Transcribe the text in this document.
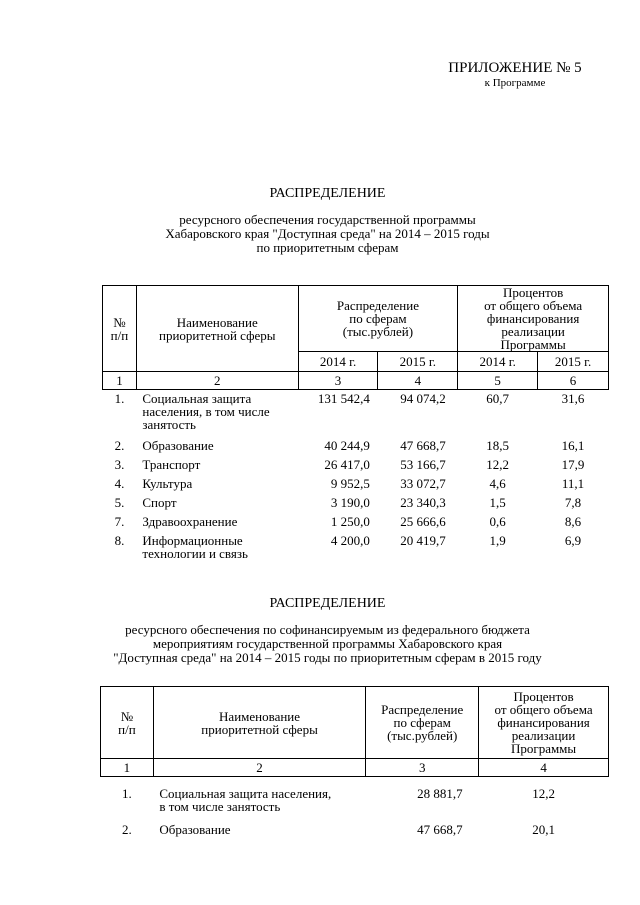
ПРИЛОЖЕНИЕ № 5
к Программе
РАСПРЕДЕЛЕНИЕ
ресурсного обеспечения государственной программы
Хабаровского края "Доступная среда" на 2014 – 2015 годы
по приоритетным сферам
№
п/п	Наименование
приоритетной сферы	Распределение
по сферам
(тыс.рублей)		Процентов
от общего объема
финансирования
реализации
Программы	
		2014 г.	2015 г.	2014 г.	2015 г.
1	2	3	4	5	6
1.	Социальная защита
населения, в том числе
занятость	131 542,4	94 074,2	60,7	31,6
2.	Образование	40 244,9	47 668,7	18,5	16,1
3.	Транспорт	26 417,0	53 166,7	12,2	17,9
4.	Культура	9 952,5	33 072,7	4,6	11,1
5.	Спорт	3 190,0	23 340,3	1,5	7,8
7.	Здравоохранение	1 250,0	25 666,6	0,6	8,6
8.	Информационные
технологии и связь	4 200,0	20 419,7	1,9	6,9
РАСПРЕДЕЛЕНИЕ
ресурсного обеспечения по софинансируемым из федерального бюджета
мероприятиям государственной программы Хабаровского края
"Доступная среда" на 2014 – 2015 годы по приоритетным сферам в 2015 году
№
п/п	Наименование
приоритетной сферы	Распределение
по сферам
(тыс.рублей)	Процентов
от общего объема
финансирования
реализации
Программы
1	2	3	4
1.	Социальная защита населения,
в том числе занятость	28 881,7	12,2
2.	Образование	47 668,7	20,1
